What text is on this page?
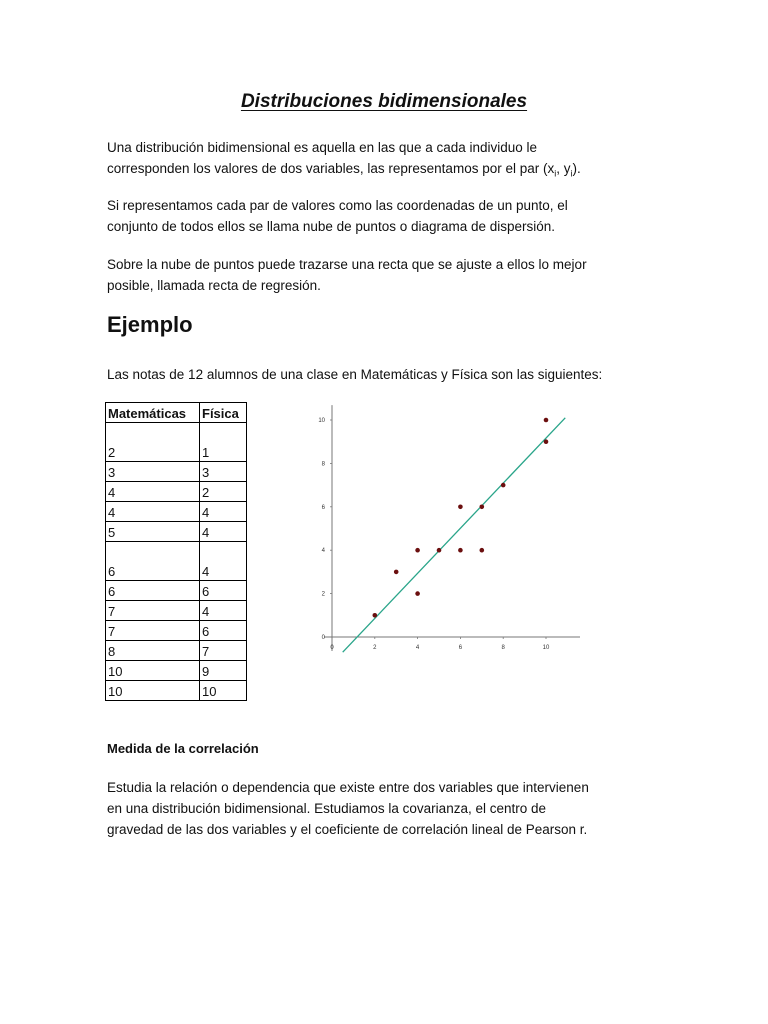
Distribuciones bidimensionales

Una distribución bidimensional es aquella en las que a cada individuo le
corresponden los valores de dos variables, las representamos por el par ($x_i$, $y_i$).

Si representamos cada par de valores como las coordenadas de un punto, el
conjunto de todos ellos se llama nube de puntos o diagrama de dispersión.

Sobre la nube de puntos puede trazarse una recta que se ajuste a ellos lo mejor
posible, llamada recta de regresión.

Ejemplo

Las notas de 12 alumnos de una clase en Matemáticas y Física son las siguientes:

Matemáticas	Física
2	1
3	3
4	2
4	4
5	4
6	4
6	6
7	4
7	6
8	7
10	9
10	10
0	2	4	6	8	10
0
2
4
6
8
10
Medida de la correlación

Estudia la relación o dependencia que existe entre dos variables que intervienen
en una distribución bidimensional. Estudiamos la covarianza, el centro de
gravedad de las dos variables y el coeficiente de correlación lineal de Pearson r.
